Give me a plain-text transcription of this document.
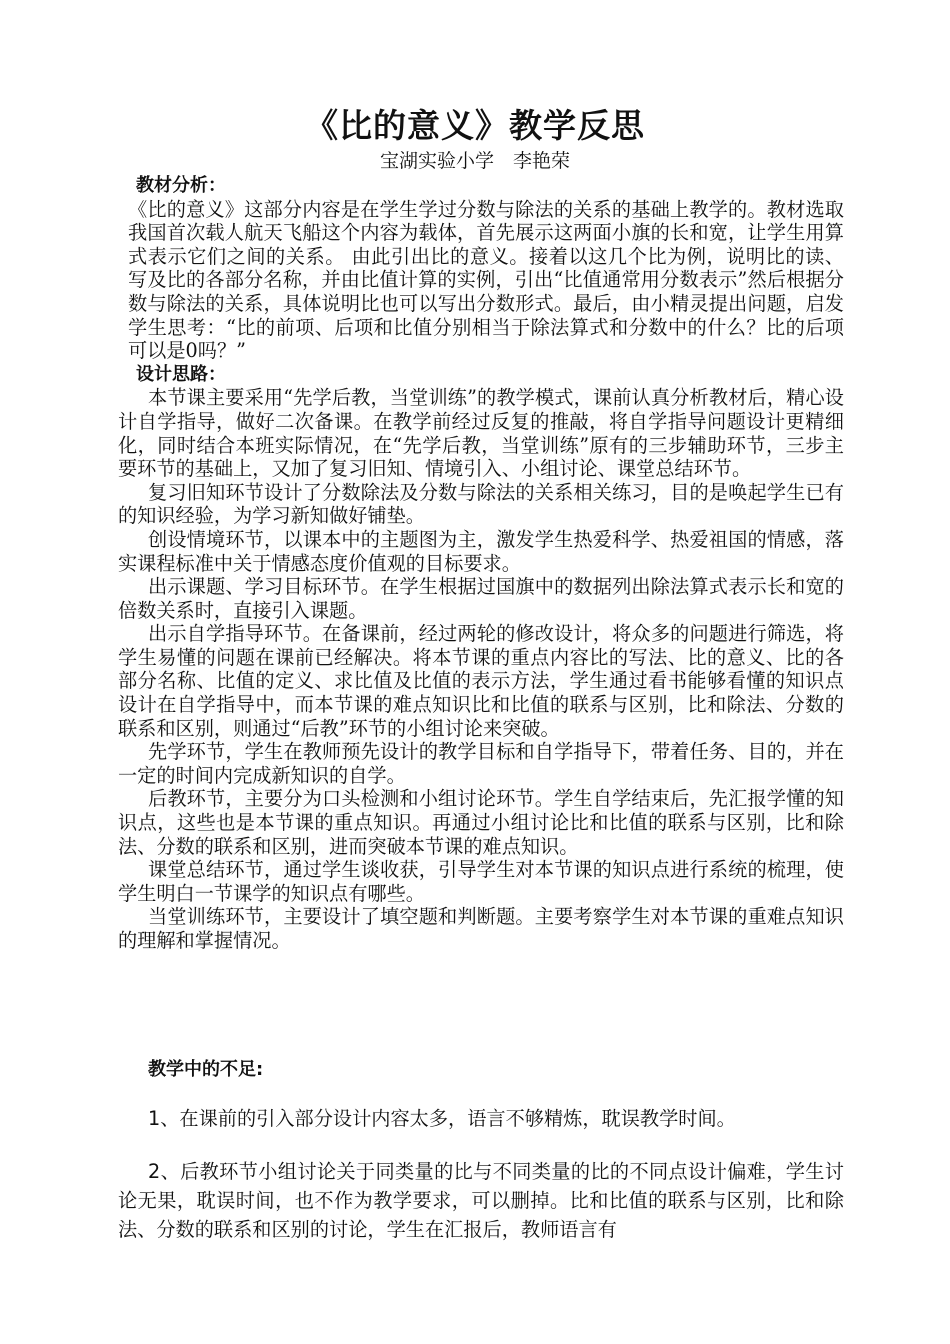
《比的意义》教学反思
宝湖实验小学　李艳荣
教材分析：

《比的意义》这部分内容是在学生学过分数与除法的关系的基础上教学的。教材选取我国首次载人航天飞船这个内容为载体，首先展示这两面小旗的长和宽，让学生用算式表示它们之间的关系。 由此引出比的意义。接着以这几个比为例，说明比的读、写及比的各部分名称，并由比值计算的实例，引出“比值通常用分数表示”然后根据分数与除法的关系，具体说明比也可以写出分数形式。最后，由小精灵提出问题，启发学生思考：“比的前项、后项和比值分别相当于除法算式和分数中的什么？比的后项可以是0吗？”

设计思路：

本节课主要采用“先学后教，当堂训练”的教学模式，课前认真分析教材后，精心设计自学指导，做好二次备课。在教学前经过反复的推敲，将自学指导问题设计更精细化，同时结合本班实际情况，在“先学后教，当堂训练”原有的三步辅助环节，三步主要环节的基础上，又加了复习旧知、情境引入、小组讨论、课堂总结环节。

复习旧知环节设计了分数除法及分数与除法的关系相关练习，目的是唤起学生已有的知识经验，为学习新知做好铺垫。

创设情境环节，以课本中的主题图为主，激发学生热爱科学、热爱祖国的情感，落实课程标准中关于情感态度价值观的目标要求。

出示课题、学习目标环节。在学生根据过国旗中的数据列出除法算式表示长和宽的倍数关系时，直接引入课题。

出示自学指导环节。在备课前，经过两轮的修改设计，将众多的问题进行筛选，将学生易懂的问题在课前已经解决。将本节课的重点内容比的写法、比的意义、比的各部分名称、比值的定义、求比值及比值的表示方法，学生通过看书能够看懂的知识点设计在自学指导中，而本节课的难点知识比和比值的联系与区别，比和除法、分数的联系和区别，则通过“后教”环节的小组讨论来突破。

先学环节，学生在教师预先设计的教学目标和自学指导下，带着任务、目的，并在一定的时间内完成新知识的自学。

后教环节，主要分为口头检测和小组讨论环节。学生自学结束后，先汇报学懂的知识点，这些也是本节课的重点知识。再通过小组讨论比和比值的联系与区别，比和除法、分数的联系和区别，进而突破本节课的难点知识。

课堂总结环节，通过学生谈收获，引导学生对本节课的知识点进行系统的梳理，使学生明白一节课学的知识点有哪些。

当堂训练环节，主要设计了填空题和判断题。主要考察学生对本节课的重难点知识的理解和掌握情况。

教学中的不足:

1、在课前的引入部分设计内容太多，语言不够精炼，耽误教学时间。

2、后教环节小组讨论关于同类量的比与不同类量的比的不同点设计偏难，学生讨论无果，耽误时间，也不作为教学要求，可以删掉。比和比值的联系与区别，比和除法、分数的联系和区别的讨论，学生在汇报后，教师语言有
